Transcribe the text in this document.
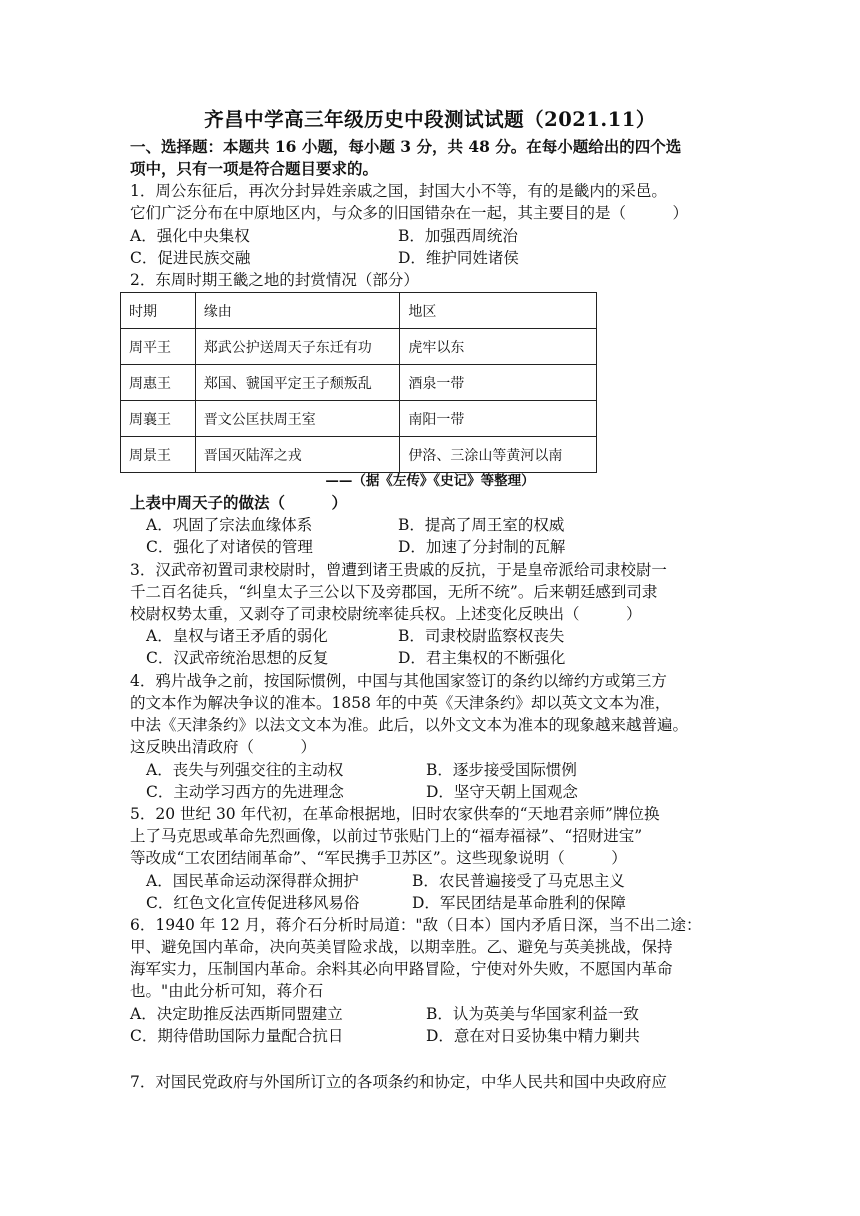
齐昌中学高三年级历史中段测试试题（2021.11）
一、选择题：本题共 16 小题，每小题 3 分，共 48 分。在每小题给出的四个选
项中，只有一项是符合题目要求的。
1．周公东征后，再次分封异姓亲戚之国，封国大小不等，有的是畿内的采邑。
它们广泛分布在中原地区内，与众多的旧国错杂在一起，其主要目的是（　　　）
A．强化中央集权	B．加强西周统治
C．促进民族交融	D．维护同姓诸侯
2．东周时期王畿之地的封赏情况（部分）
时期	缘由	地区
周平王	郑武公护送周天子东迁有功	虎牢以东
周惠王	郑国、虢国平定王子颓叛乱	酒泉一带
周襄王	晋文公匡扶周王室	南阳一带
周景王	晋国灭陆浑之戎	伊洛、三涂山等黄河以南
——（据《左传》《史记》等整理）
上表中周天子的做法（　　　）
A．巩固了宗法血缘体系	B．提高了周王室的权威
C．强化了对诸侯的管理	D．加速了分封制的瓦解
3．汉武帝初置司隶校尉时，曾遭到诸王贵戚的反抗，于是皇帝派给司隶校尉一
千二百名徒兵，“纠皇太子三公以下及旁郡国，无所不统”。后来朝廷感到司隶
校尉权势太重，又剥夺了司隶校尉统率徒兵权。上述变化反映出（　　　）
A．皇权与诸王矛盾的弱化	B．司隶校尉监察权丧失
C．汉武帝统治思想的反复	D．君主集权的不断强化
4．鸦片战争之前，按国际惯例，中国与其他国家签订的条约以缔约方或第三方
的文本作为解决争议的准本。1858 年的中英《天津条约》却以英文文本为准，
中法《天津条约》以法文文本为准。此后，以外文文本为准本的现象越来越普遍。
这反映出清政府（　　　）
A．丧失与列强交往的主动权	B．逐步接受国际惯例
C．主动学习西方的先进理念	D．坚守天朝上国观念
5．20 世纪 30 年代初，在革命根据地，旧时农家供奉的“天地君亲师”牌位换
上了马克思或革命先烈画像，以前过节张贴门上的“福寿福禄”、“招财进宝”
等改成“工农团结闹革命”、“军民携手卫苏区”。这些现象说明（　　　）
A．国民革命运动深得群众拥护	B．农民普遍接受了马克思主义
C．红色文化宣传促进移风易俗	D．军民团结是革命胜利的保障
6．1940 年 12 月，蒋介石分析时局道："敌（日本）国内矛盾日深，当不出二途：
甲、避免国内革命，决向英美冒险求战，以期幸胜。乙、避免与英美挑战，保持
海军实力，压制国内革命。余料其必向甲路冒险，宁使对外失败，不愿国内革命
也。"由此分析可知，蒋介石
A．决定助推反法西斯同盟建立	B．认为英美与华国家利益一致
C．期待借助国际力量配合抗日	D．意在对日妥协集中精力剿共
7．对国民党政府与外国所订立的各项条约和协定，中华人民共和国中央政府应
